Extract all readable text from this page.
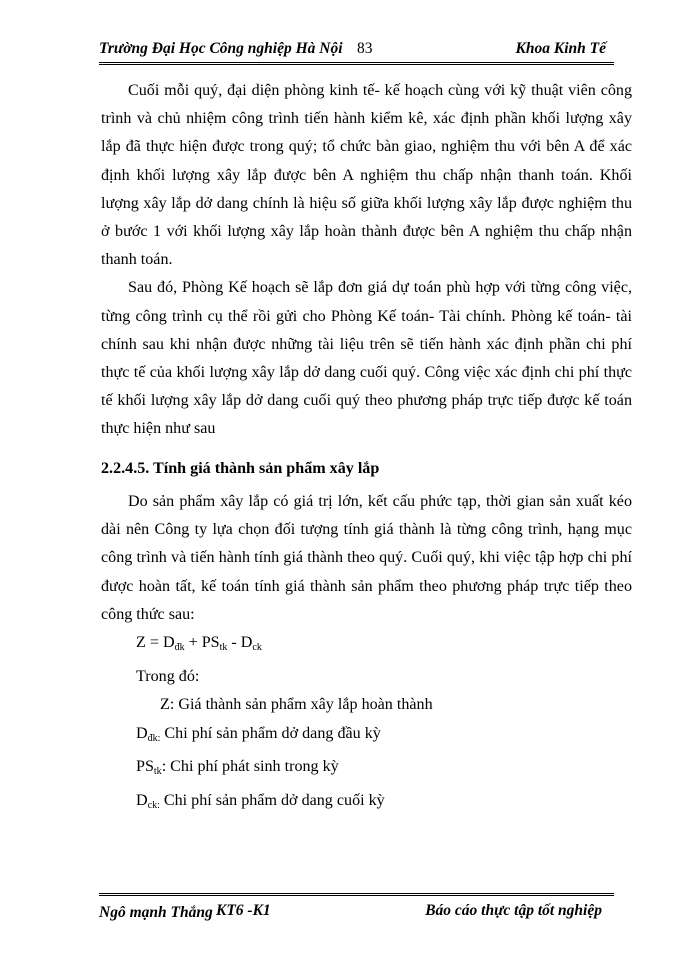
Trường Đại Học Công nghiệp Hà Nội 83	Khoa Kinh Tế

Cuối mỗi quý, đại diện phòng kinh tế- kế hoạch cùng với kỹ thuật viên công trình và chủ nhiệm công trình tiến hành kiểm kê, xác định phần khối lượng xây lắp đã thực hiện được trong quý; tổ chức bàn giao, nghiệm thu với bên A để xác định khối lượng xây lắp được bên A nghiệm thu chấp nhận thanh toán. Khối lượng xây lắp dở dang chính là hiệu số giữa khối lượng xây lắp được nghiệm thu ở bước 1 với khối lượng xây lắp hoàn thành được bên A nghiệm thu chấp nhận thanh toán.

Sau đó, Phòng Kế hoạch sẽ lắp đơn giá dự toán phù hợp với từng công việc, từng công trình cụ thể rồi gửi cho Phòng Kế toán- Tài chính. Phòng kế toán- tài chính sau khi nhận được những tài liệu trên sẽ tiến hành xác định phần chi phí thực tế của khối lượng xây lắp dở dang cuối quý. Công việc xác định chi phí thực tế khối lượng xây lắp dở dang cuối quý theo phương pháp trực tiếp được kế toán thực hiện như sau

2.2.4.5. Tính giá thành sản phẩm xây lắp

Do sản phẩm xây lắp có giá trị lớn, kết cấu phức tạp, thời gian sản xuất kéo dài nên Công ty lựa chọn đối tượng tính giá thành là từng công trình, hạng mục công trình và tiến hành tính giá thành theo quý. Cuối quý, khi việc tập hợp chi phí được hoàn tất, kế toán tính giá thành sản phẩm theo phương pháp trực tiếp theo công thức sau:

$Z = D_{đk} + PS_{tk} - D_{ck}$
Trong đó:
Z: Giá thành sản phẩm xây lắp hoàn thành
$D_{đk:}$ Chi phí sản phẩm dở dang đầu kỳ
$PS_{tk}$: Chi phí phát sinh trong kỳ
$D_{ck:}$ Chi phí sản phẩm dở dang cuối kỳ
Ngô mạnh Thắng KT6 -K1	Báo cáo thực tập tốt nghiệp
